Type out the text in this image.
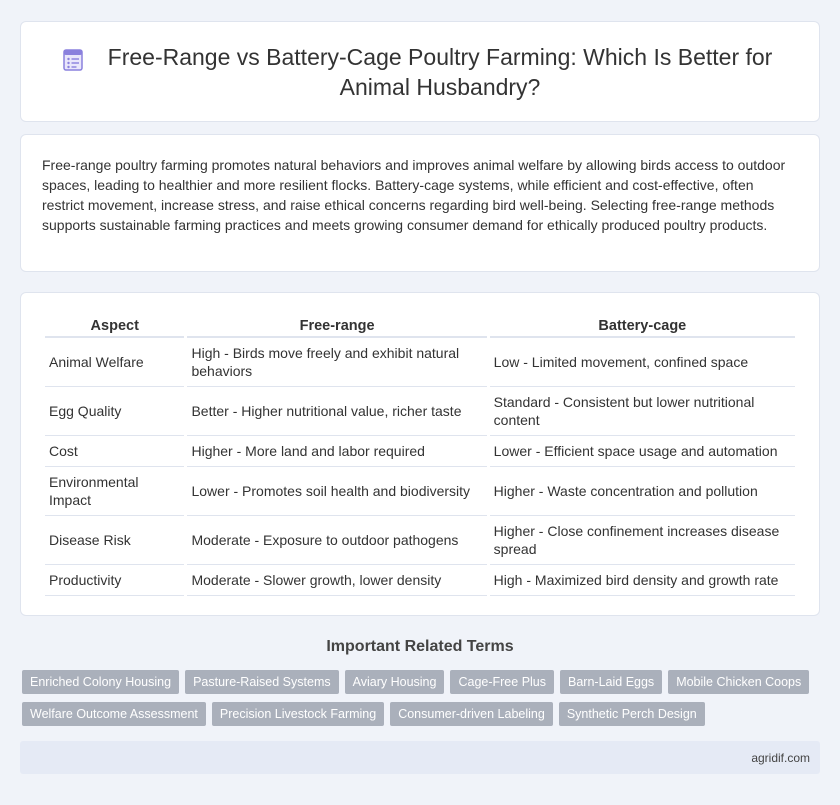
Free-Range vs Battery-Cage Poultry Farming: Which Is Better for Animal Husbandry?

Free-range poultry farming promotes natural behaviors and improves animal welfare by allowing birds access to outdoor spaces, leading to healthier and more resilient flocks. Battery-cage systems, while efficient and cost-effective, often restrict movement, increase stress, and raise ethical concerns regarding bird well-being. Selecting free-range methods supports sustainable farming practices and meets growing consumer demand for ethically produced poultry products.

Aspect	Free-range	Battery-cage
Animal Welfare	High - Birds move freely and exhibit natural behaviors	Low - Limited movement, confined space
Egg Quality	Better - Higher nutritional value, richer taste	Standard - Consistent but lower nutritional content
Cost	Higher - More land and labor required	Lower - Efficient space usage and automation
Environmental Impact	Lower - Promotes soil health and biodiversity	Higher - Waste concentration and pollution
Disease Risk	Moderate - Exposure to outdoor pathogens	Higher - Close confinement increases disease spread
Productivity	Moderate - Slower growth, lower density	High - Maximized bird density and growth rate
Important Related Terms
Enriched Colony Housing	Pasture-Raised Systems	Aviary Housing	Cage-Free Plus	Barn-Laid Eggs	Mobile Chicken Coops
Welfare Outcome Assessment	Precision Livestock Farming	Consumer-driven Labeling	Synthetic Perch Design
agridif.com
